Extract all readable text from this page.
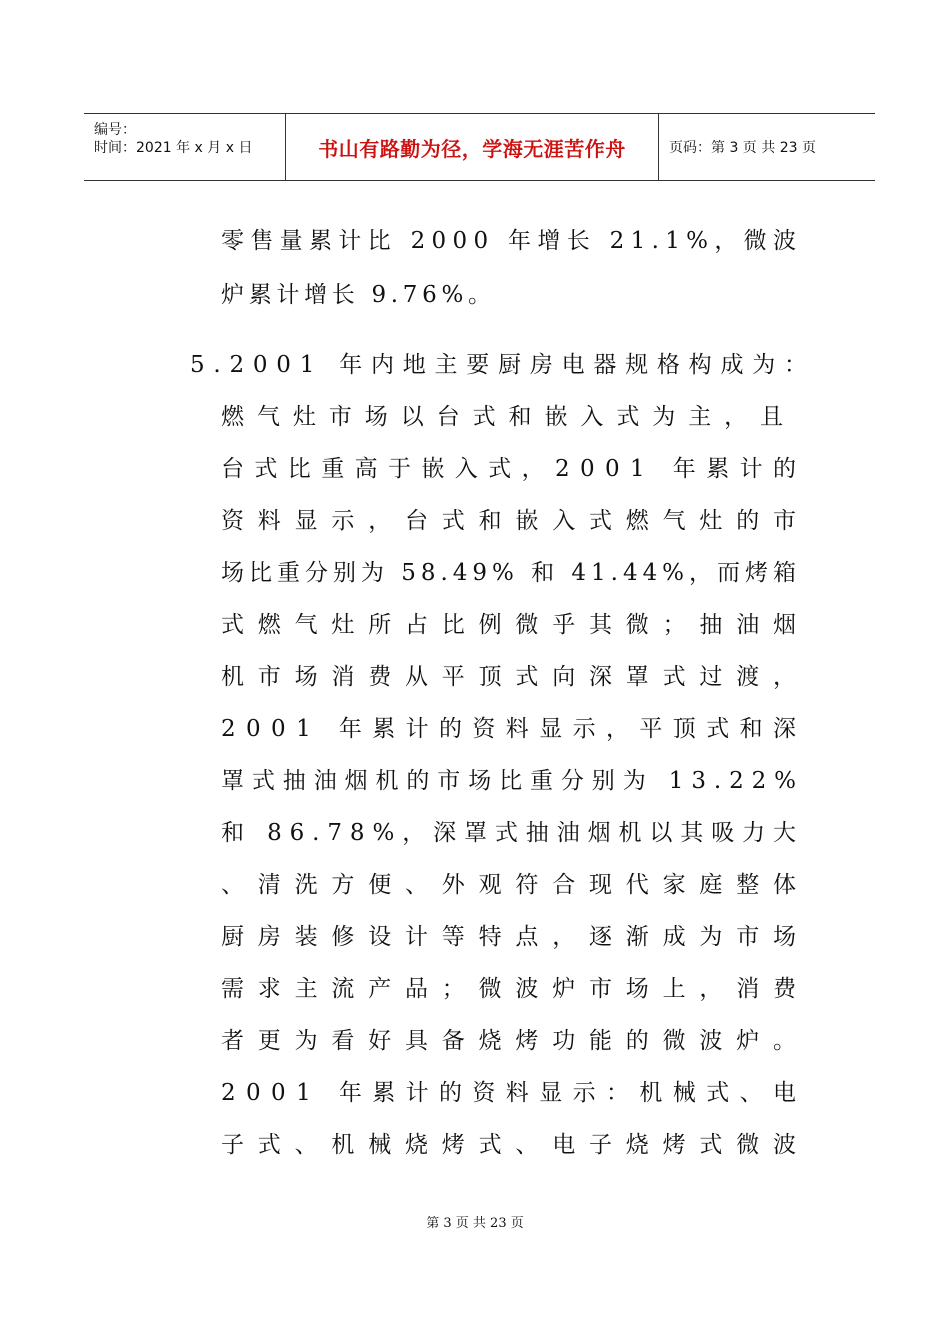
编号：
时间：2021 年 x 月 x 日	书山有路勤为径，学海无涯苦作舟	页码：第 3 页 共 23 页
零售量累计比 2000 年增长 21.1%，微波
炉累计增长 9.76%。
5.2001 年内地主要厨房电器规格构成为：
燃气灶市场以台式和嵌入式为主，且
台式比重高于嵌入式，2001 年累计的
资料显示，台式和嵌入式燃气灶的市
场比重分别为 58.49% 和 41.44%，而烤箱
式燃气灶所占比例微乎其微；抽油烟
机市场消费从平顶式向深罩式过渡，
2001 年累计的资料显示，平顶式和深
罩式抽油烟机的市场比重分别为 13.22%
和 86.78%，深罩式抽油烟机以其吸力大
、清洗方便、外观符合现代家庭整体
厨房装修设计等特点，逐渐成为市场
需求主流产品；微波炉市场上，消费
者更为看好具备烧烤功能的微波炉。
2001 年累计的资料显示：机械式、电
子式、机械烧烤式、电子烧烤式微波
第 3 页 共 23 页
